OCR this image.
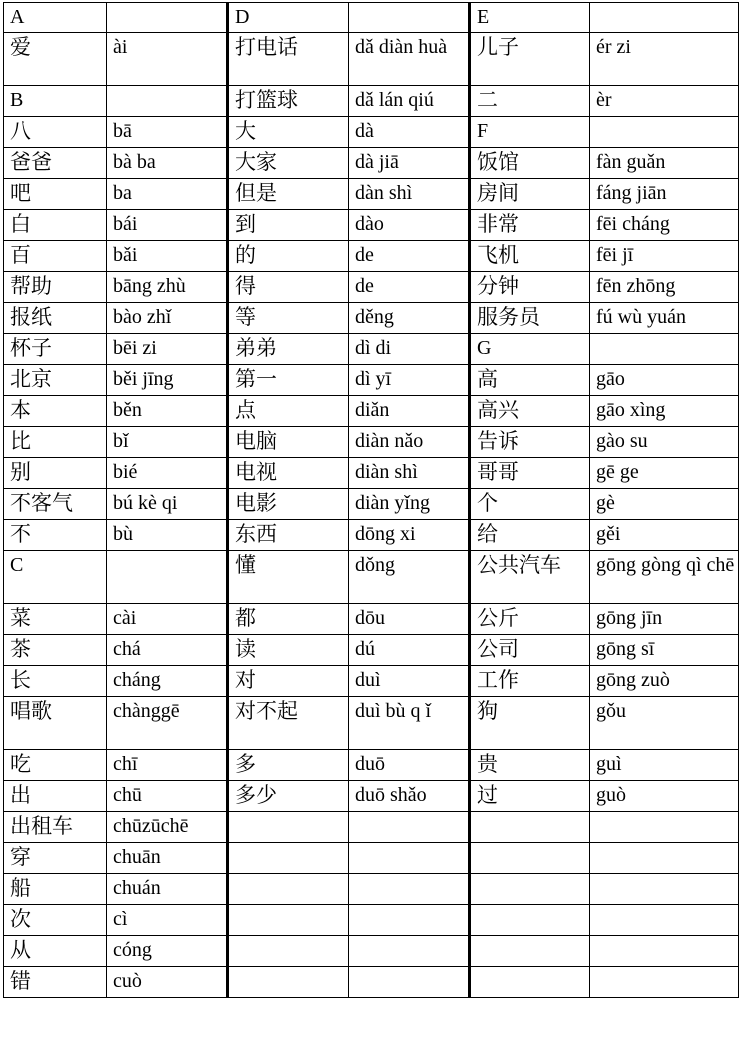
A		D		E	
爱	ài	打电话	dǎ diàn huà	儿子	ér zi
B		打篮球	dǎ lán qiú	二	èr
八	bā	大	dà	F	
爸爸	bà ba	大家	dà jiā	饭馆	fàn guǎn
吧	ba	但是	dàn shì	房间	fáng jiān
白	bái	到	dào	非常	fēi cháng
百	bǎi	的	de	飞机	fēi jī
帮助	bāng zhù	得	de	分钟	fēn zhōng
报纸	bào zhǐ	等	děng	服务员	fú wù yuán
杯子	bēi zi	弟弟	dì di	G	
北京	běi jīng	第一	dì yī	高	gāo
本	běn	点	diǎn	高兴	gāo xìng
比	bǐ	电脑	diàn nǎo	告诉	gào su
别	bié	电视	diàn shì	哥哥	gē ge
不客气	bú kè qi	电影	diàn yǐng	个	gè
不	bù	东西	dōng xi	给	gěi
C		懂	dǒng	公共汽车	gōng gòng qì chē
菜	cài	都	dōu	公斤	gōng jīn
茶	chá	读	dú	公司	gōng sī
长	cháng	对	duì	工作	gōng zuò
唱歌	chànggē	对不起	duì bù q ǐ	狗	gǒu
吃	chī	多	duō	贵	guì
出	chū	多少	duō shǎo	过	guò
出租车	chūzūchē				
穿	chuān				
船	chuán				
次	cì				
从	cóng				
错	cuò				
